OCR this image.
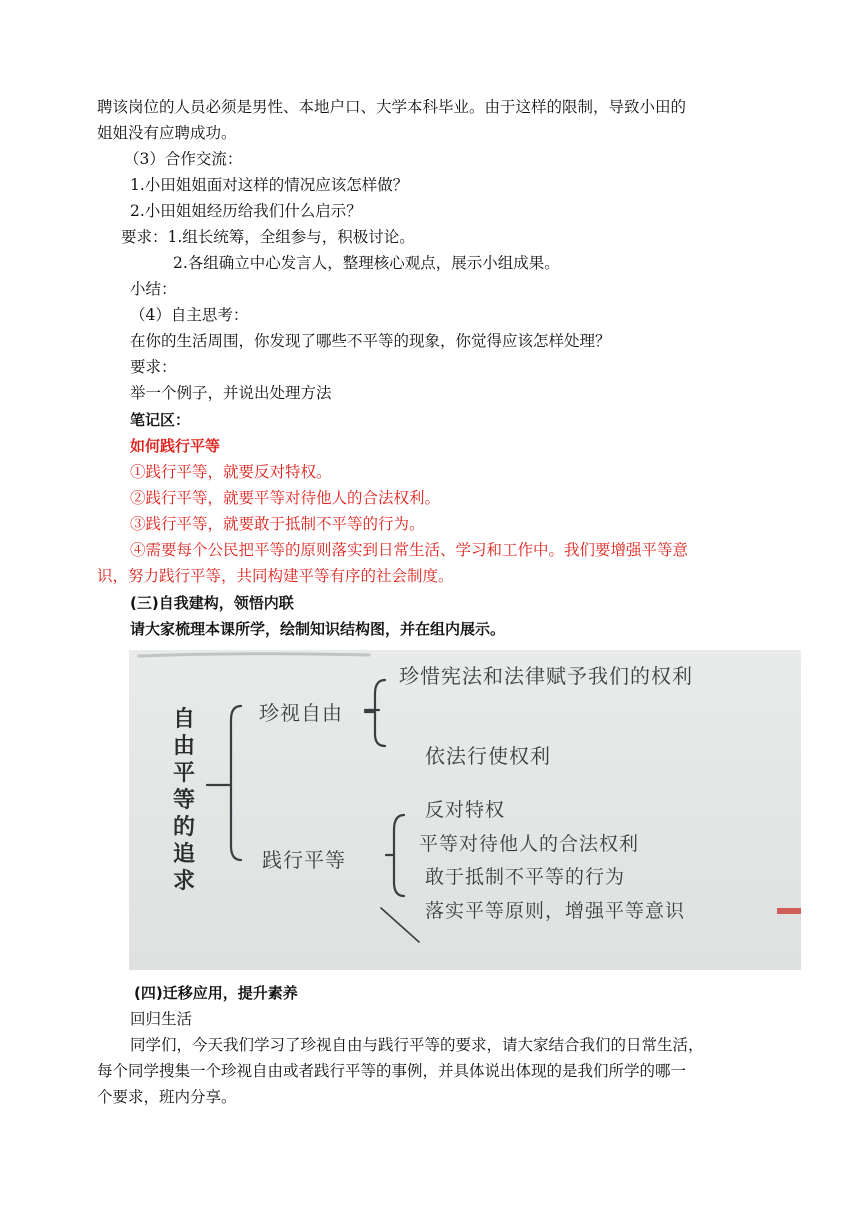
聘该岗位的人员必须是男性、本地户口、大学本科毕业。由于这样的限制，导致小田的
姐姐没有应聘成功。
（3）合作交流：
1.小田姐姐面对这样的情况应该怎样做？
2.小田姐姐经历给我们什么启示？
要求：1.组长统筹，全组参与，积极讨论。
2.各组确立中心发言人，整理核心观点，展示小组成果。
小结：
（4）自主思考：
在你的生活周围，你发现了哪些不平等的现象，你觉得应该怎样处理？
要求：
举一个例子，并说出处理方法
笔记区：
如何践行平等
①践行平等，就要反对特权。
②践行平等，就要平等对待他人的合法权利。
③践行平等，就要敢于抵制不平等的行为。
④需要每个公民把平等的原则落实到日常生活、学习和工作中。我们要增强平等意
识，努力践行平等，共同构建平等有序的社会制度。
(三)自我建构，领悟内联
请大家梳理本课所学，绘制知识结构图，并在组内展示。
自由平等的追求
珍视自由
珍惜宪法和法律赋予我们的权利
依法行使权利
践行平等
反对特权
平等对待他人的合法权利
敢于抵制不平等的行为
落实平等原则，增强平等意识
(四)迁移应用，提升素养
回归生活
同学们，今天我们学习了珍视自由与践行平等的要求，请大家结合我们的日常生活，
每个同学搜集一个珍视自由或者践行平等的事例，并具体说出体现的是我们所学的哪一
个要求，班内分享。
